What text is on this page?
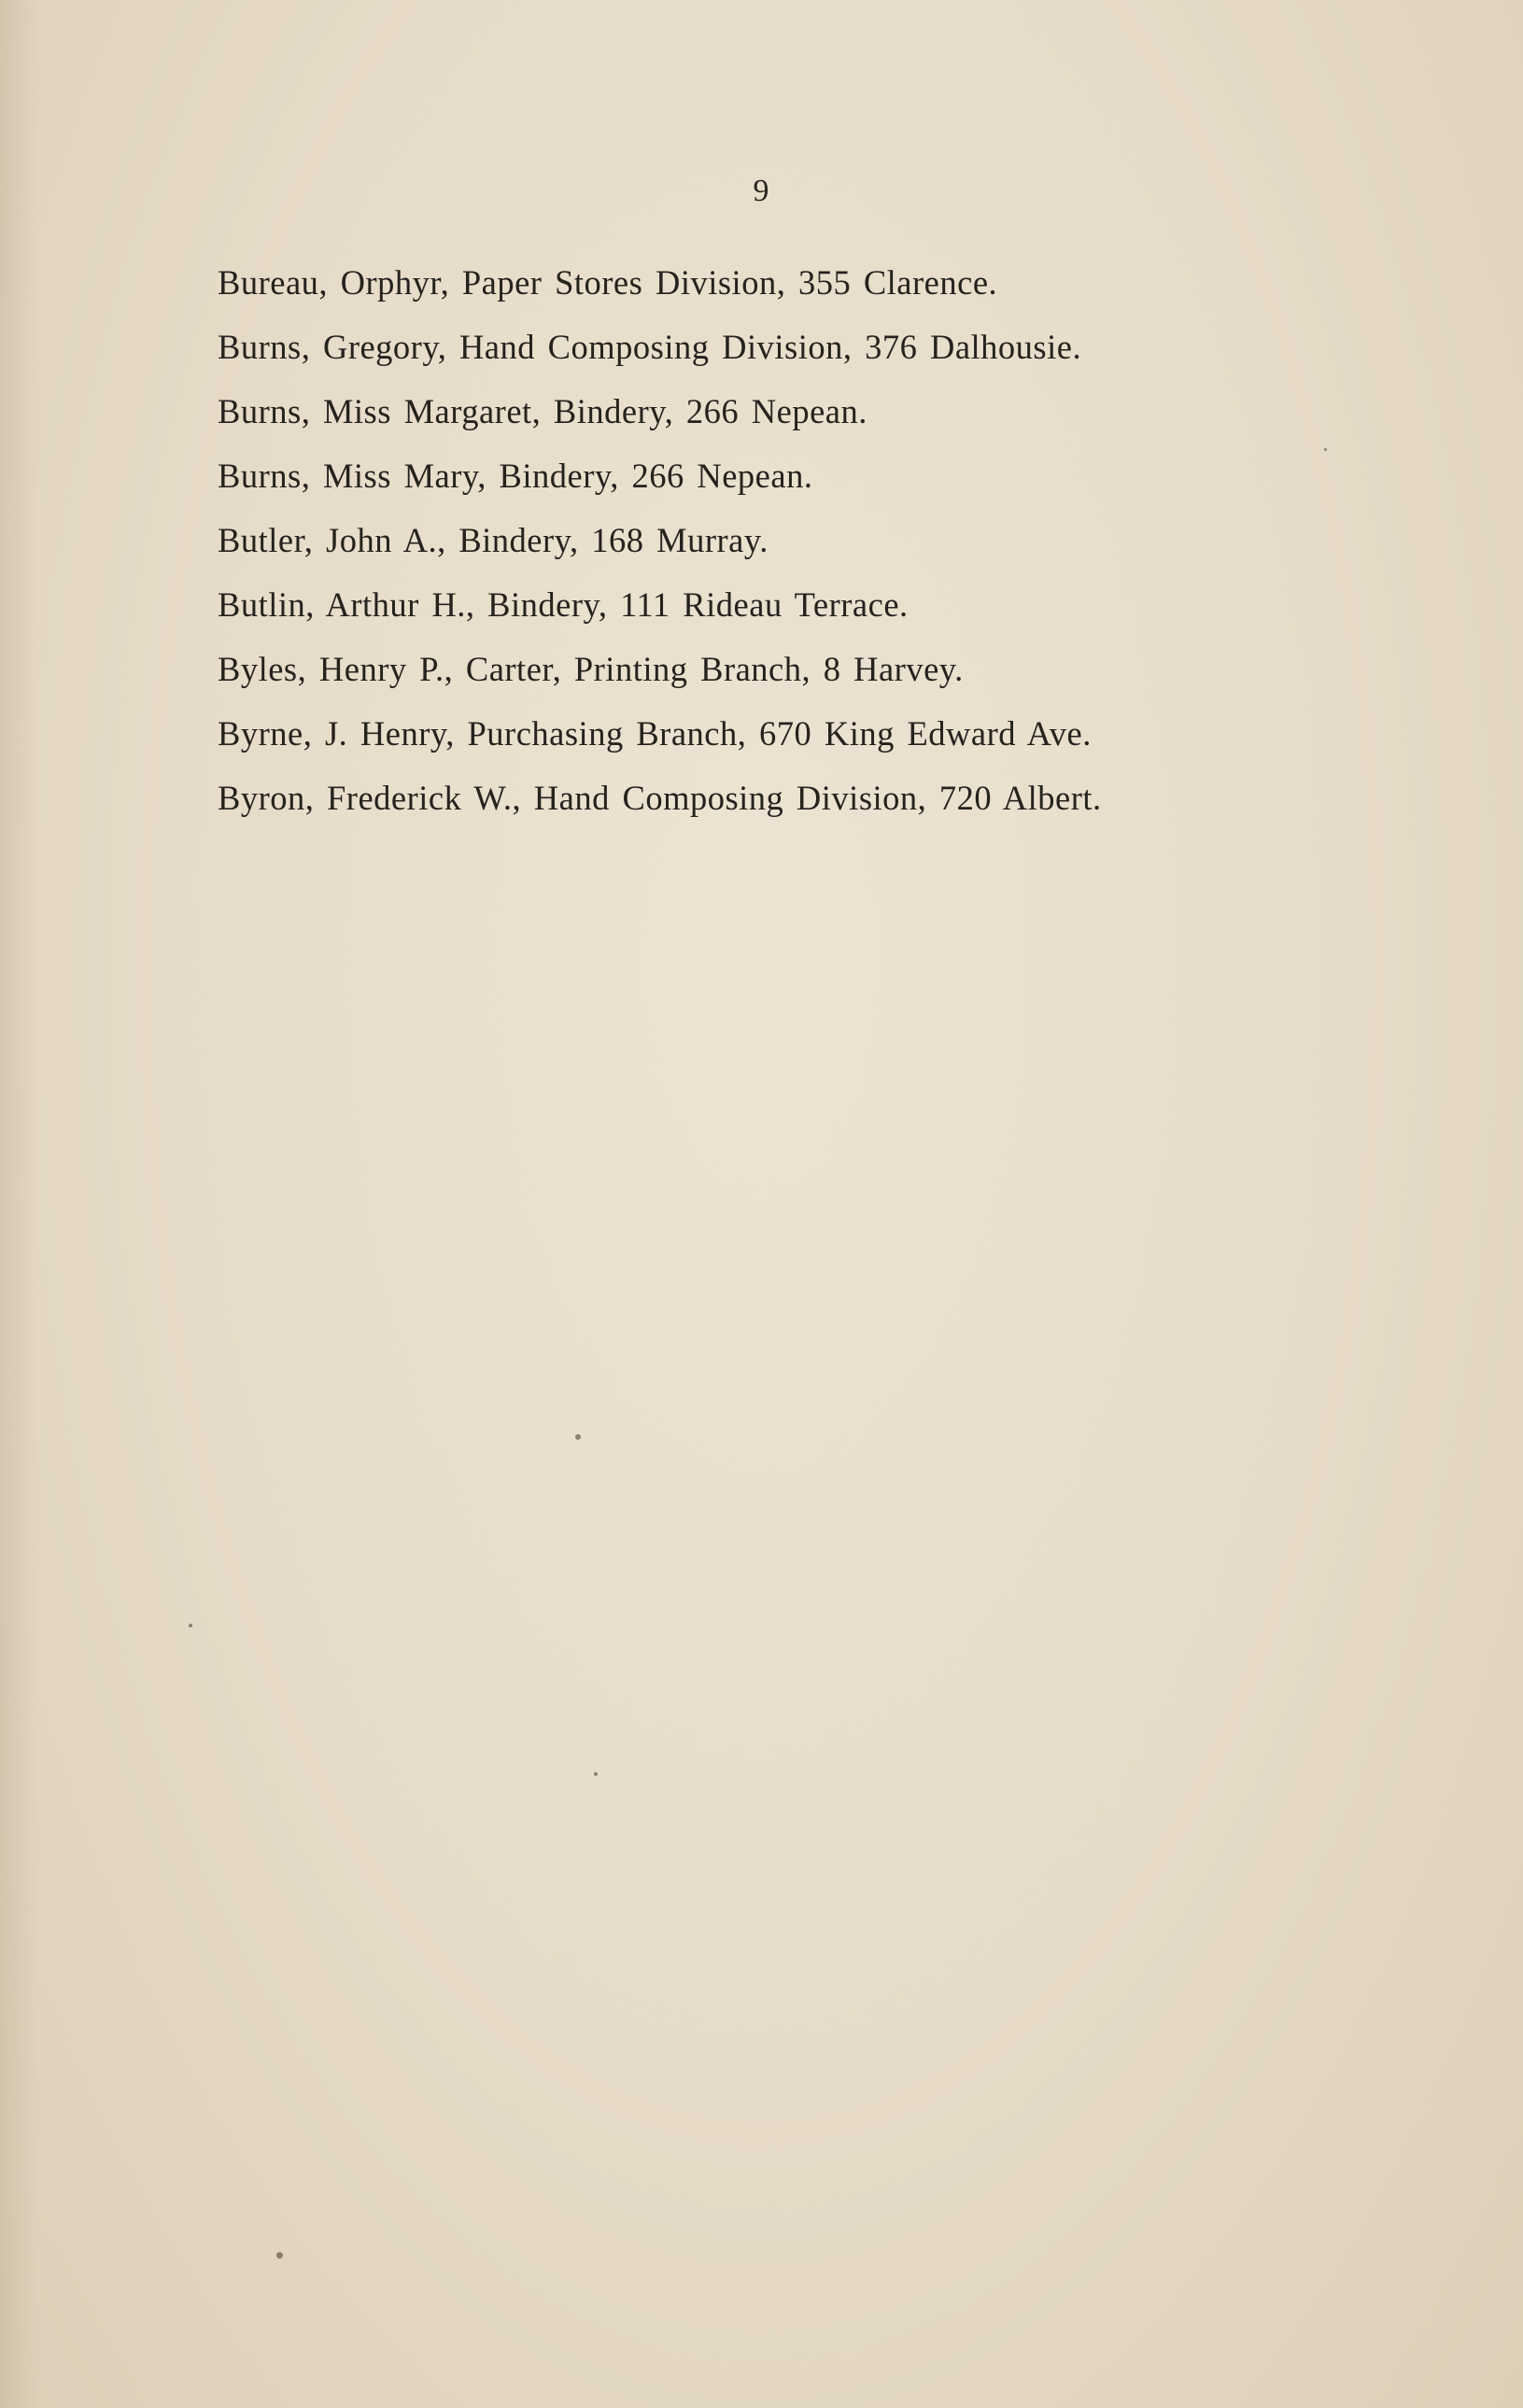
9
Bureau, Orphyr, Paper Stores Division, 355 Clarence.
Burns, Gregory, Hand Composing Division, 376 Dalhousie.
Burns, Miss Margaret, Bindery, 266 Nepean.
Burns, Miss Mary, Bindery, 266 Nepean.
Butler, John A., Bindery, 168 Murray.
Butlin, Arthur H., Bindery, 111 Rideau Terrace.
Byles, Henry P., Carter, Printing Branch, 8 Harvey.
Byrne, J. Henry, Purchasing Branch, 670 King Edward Ave.
Byron, Frederick W., Hand Composing Division, 720 Albert.
